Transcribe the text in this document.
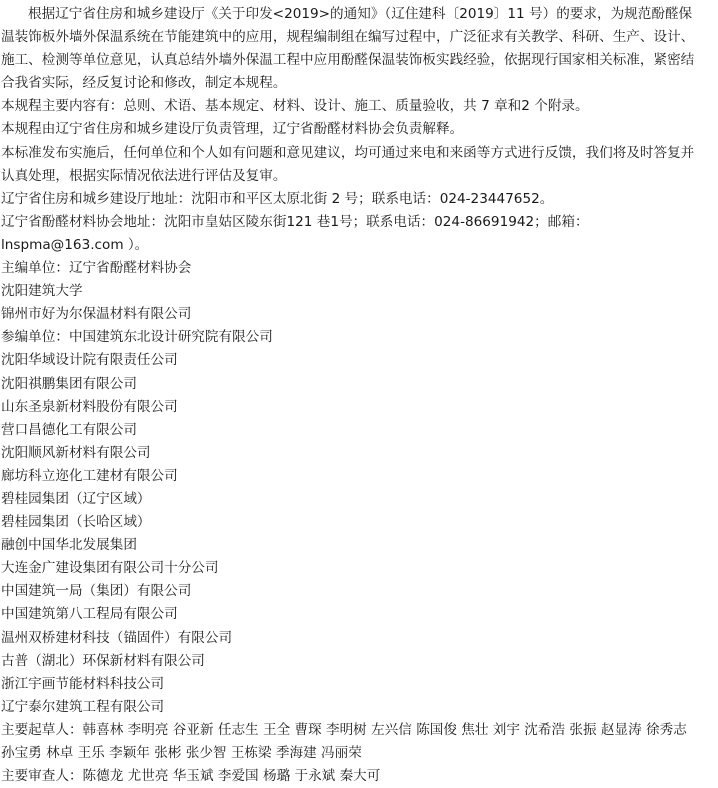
根据辽宁省住房和城乡建设厅《关于印发<2019>的通知》（辽住建科〔2019〕11 号）的要求，为规范酚醛保
温装饰板外墙外保温系统在节能建筑中的应用，规程编制组在编写过程中，广泛征求有关教学、科研、生产、设计、
施工、检测等单位意见，认真总结外墙外保温工程中应用酚醛保温装饰板实践经验，依据现行国家相关标准，紧密结
合我省实际，经反复讨论和修改，制定本规程。
本规程主要内容有：总则、术语、基本规定、材料、设计、施工、质量验收，共 7 章和2 个附录。
本规程由辽宁省住房和城乡建设厅负责管理，辽宁省酚醛材料协会负责解释。
本标准发布实施后，任何单位和个人如有问题和意见建议，均可通过来电和来函等方式进行反馈，我们将及时答复并
认真处理，根据实际情况依法进行评估及复审。
辽宁省住房和城乡建设厅地址：沈阳市和平区太原北街 2 号；联系电话：024-23447652。
辽宁省酚醛材料协会地址：沈阳市皇姑区陵东街121 巷1号；联系电话：024-86691942；邮箱：
lnspma@163.com ）。
主编单位：辽宁省酚醛材料协会
沈阳建筑大学
锦州市好为尔保温材料有限公司
参编单位：中国建筑东北设计研究院有限公司
沈阳华域设计院有限责任公司
沈阳祺鹏集团有限公司
山东圣泉新材料股份有限公司
营口昌德化工有限公司
沈阳顺风新材料有限公司
廊坊科立迩化工建材有限公司
碧桂园集团（辽宁区域）
碧桂园集团（长哈区域）
融创中国华北发展集团
大连金广建设集团有限公司十分公司
中国建筑一局（集团）有限公司
中国建筑第八工程局有限公司
温州双桥建材科技（锚固件）有限公司
古普（湖北）环保新材料有限公司
浙江宇画节能材料科技公司
辽宁泰尔建筑工程有限公司
主要起草人：韩喜林 李明亮 谷亚新 任志生 王全 曹琛 李明树 左兴信 陈国俊 焦壮 刘宇 沈希浩 张振 赵显涛 徐秀志
孙宝勇 林卓 王乐 李颖年 张彬 张少智 王栋梁 季海建 冯丽荣
主要审查人：陈德龙 尤世亮 华玉斌 李爱国 杨璐 于永斌 秦大可
